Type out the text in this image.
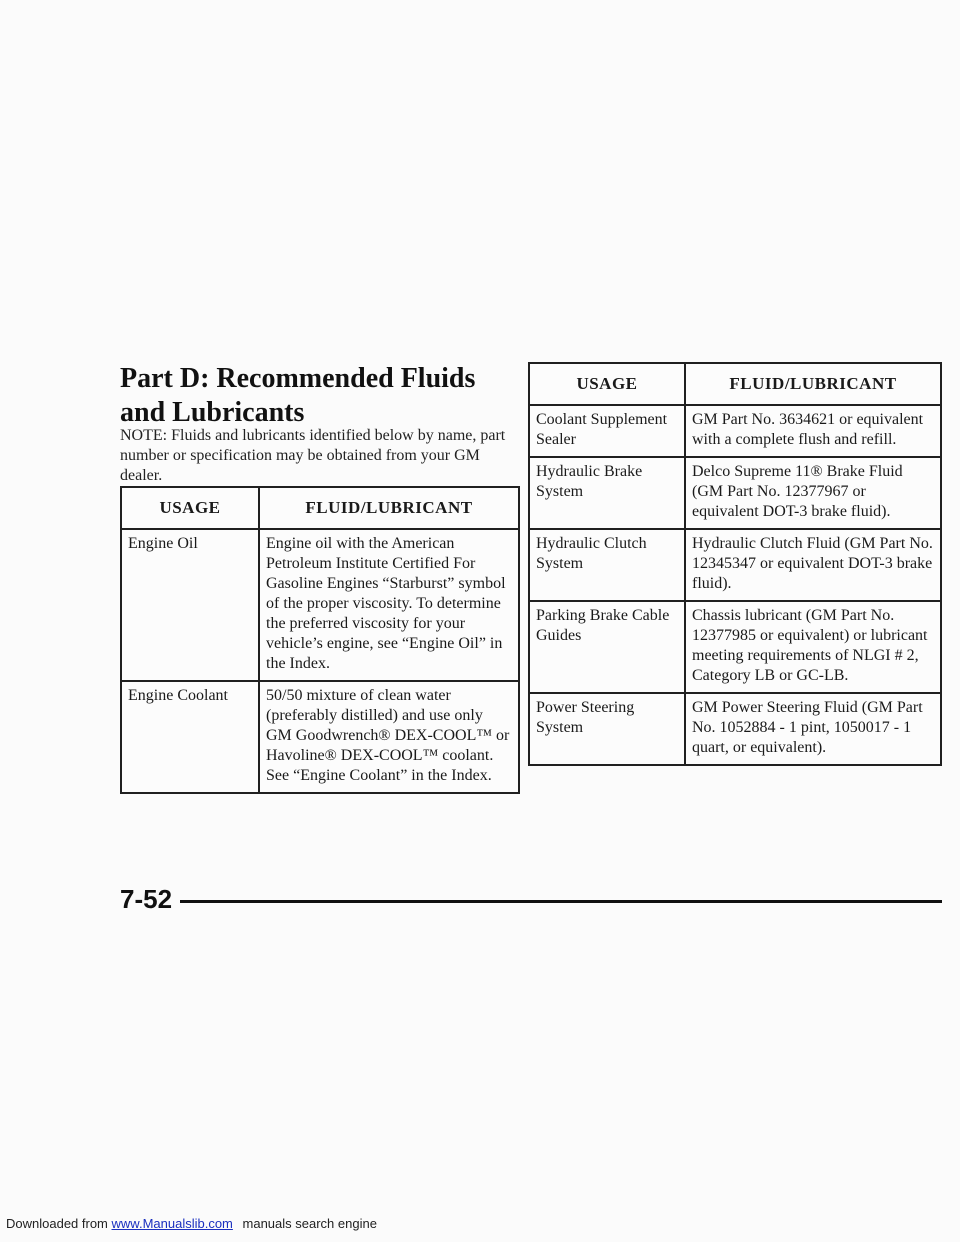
Part D: Recommended Fluids and Lubricants

NOTE: Fluids and lubricants identified below by name, part number or specification may be obtained from your GM dealer.

USAGE	FLUID/LUBRICANT
Engine Oil	Engine oil with the American Petroleum Institute Certified For Gasoline Engines “Starburst” symbol of the proper viscosity. To determine the preferred viscosity for your vehicle’s engine, see “Engine Oil” in the Index.
Engine Coolant	50/50 mixture of clean water (preferably distilled) and use only GM Goodwrench® DEX-COOL™ or Havoline® DEX-COOL™ coolant. See “Engine Coolant” in the Index.
USAGE	FLUID/LUBRICANT
Coolant Supplement Sealer	GM Part No. 3634621 or equivalent with a complete flush and refill.
Hydraulic Brake System	Delco Supreme 11® Brake Fluid (GM Part No. 12377967 or equivalent DOT-3 brake fluid).
Hydraulic Clutch System	Hydraulic Clutch Fluid (GM Part No. 12345347 or equivalent DOT-3 brake fluid).
Parking Brake Cable Guides	Chassis lubricant (GM Part No. 12377985 or equivalent) or lubricant meeting requirements of NLGI # 2, Category LB or GC-LB.
Power Steering System	GM Power Steering Fluid (GM Part No. 1052884 - 1 pint, 1050017 - 1 quart, or equivalent).
7-52
Downloaded from www.Manualslib.com manuals search engine
